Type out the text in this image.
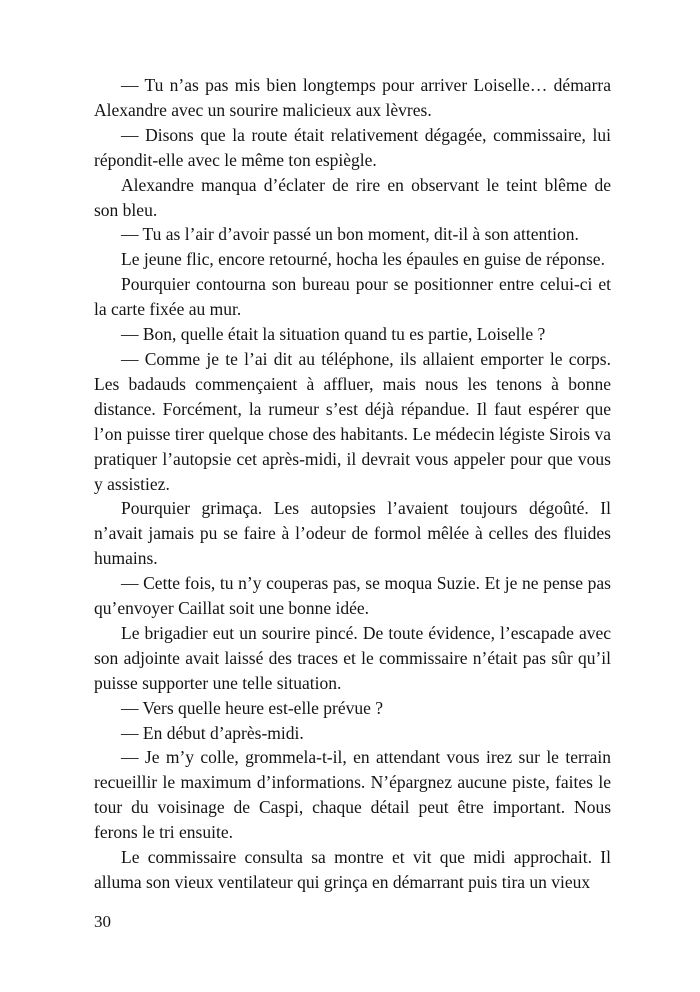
— Tu n’as pas mis bien longtemps pour arriver Loiselle… démarra Alexandre avec un sourire malicieux aux lèvres.

— Disons que la route était relativement dégagée, commissaire, lui répondit-elle avec le même ton espiègle.

Alexandre manqua d’éclater de rire en observant le teint blême de son bleu.

— Tu as l’air d’avoir passé un bon moment, dit-il à son attention.

Le jeune flic, encore retourné, hocha les épaules en guise de réponse.

Pourquier contourna son bureau pour se positionner entre celui-ci et la carte fixée au mur.

— Bon, quelle était la situation quand tu es partie, Loiselle ?

— Comme je te l’ai dit au téléphone, ils allaient emporter le corps. Les badauds commençaient à affluer, mais nous les tenons à bonne distance. Forcément, la rumeur s’est déjà répandue. Il faut espérer que l’on puisse tirer quelque chose des habitants. Le médecin légiste Sirois va pratiquer l’autopsie cet après-midi, il devrait vous appeler pour que vous y assistiez.

Pourquier grimaça. Les autopsies l’avaient toujours dégoûté. Il n’avait jamais pu se faire à l’odeur de formol mêlée à celles des fluides humains.

— Cette fois, tu n’y couperas pas, se moqua Suzie. Et je ne pense pas qu’envoyer Caillat soit une bonne idée.

Le brigadier eut un sourire pincé. De toute évidence, l’escapade avec son adjointe avait laissé des traces et le commissaire n’était pas sûr qu’il puisse supporter une telle situation.

— Vers quelle heure est-elle prévue ?

— En début d’après-midi.

— Je m’y colle, grommela-t-il, en attendant vous irez sur le terrain recueillir le maximum d’informations. N’épargnez aucune piste, faites le tour du voisinage de Caspi, chaque détail peut être important. Nous ferons le tri ensuite.

Le commissaire consulta sa montre et vit que midi approchait. Il alluma son vieux ventilateur qui grinça en démarrant puis tira un vieux

30
